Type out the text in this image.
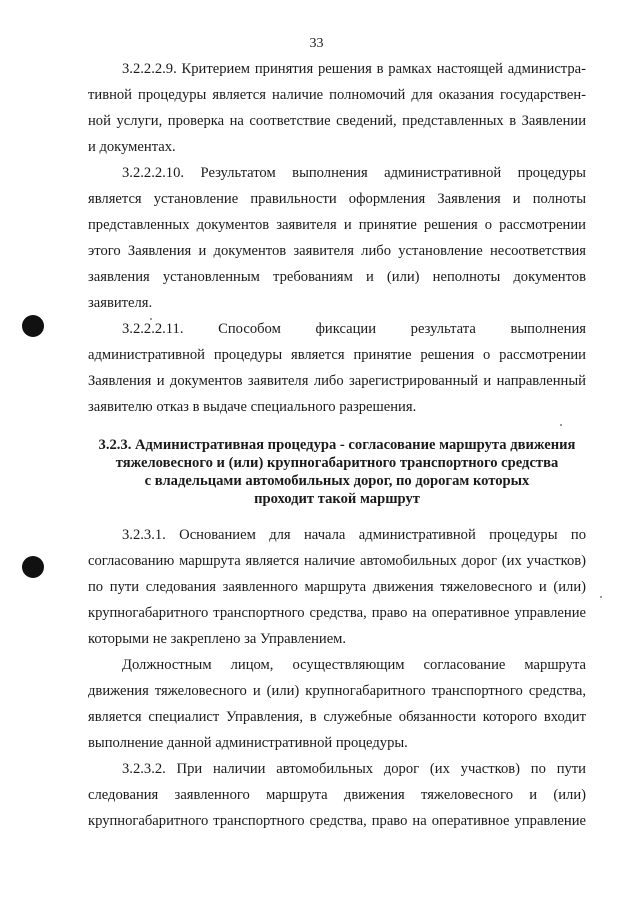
33

3.2.2.2.9. Критерием принятия решения в рамках настоящей администра-
тивной процедуры является наличие полномочий для оказания государствен-
ной услуги, проверка на соответствие сведений, представленных в Заявлении
и документах.

3.2.2.2.10. Результатом выполнения административной процедуры
является установление правильности оформления Заявления и полноты
представленных документов заявителя и принятие решения о рассмотрении
этого Заявления и документов заявителя либо установление несоответствия
заявления установленным требованиям и (или) неполноты документов
заявителя.

3.2.2.2.11. Способом фиксации результата выполнения
административной процедуры является принятие решения о рассмотрении
Заявления и документов заявителя либо зарегистрированный и направленный
заявителю отказ в выдаче специального разрешения.

3.2.3. Административная процедура - согласование маршрута движения
тяжеловесного и (или) крупногабаритного транспортного средства
с владельцами автомобильных дорог, по дорогам которых
проходит такой маршрут

3.2.3.1. Основанием для начала административной процедуры по
согласованию маршрута является наличие автомобильных дорог (их участков)
по пути следования заявленного маршрута движения тяжеловесного и (или)
крупногабаритного транспортного средства, право на оперативное управление
которыми не закреплено за Управлением.

Должностным лицом, осуществляющим согласование маршрута
движения тяжеловесного и (или) крупногабаритного транспортного средства,
является специалист Управления, в служебные обязанности которого входит
выполнение данной административной процедуры.

3.2.3.2. При наличии автомобильных дорог (их участков) по пути
следования заявленного маршрута движения тяжеловесного и (или)
крупногабаритного транспортного средства, право на оперативное управление
